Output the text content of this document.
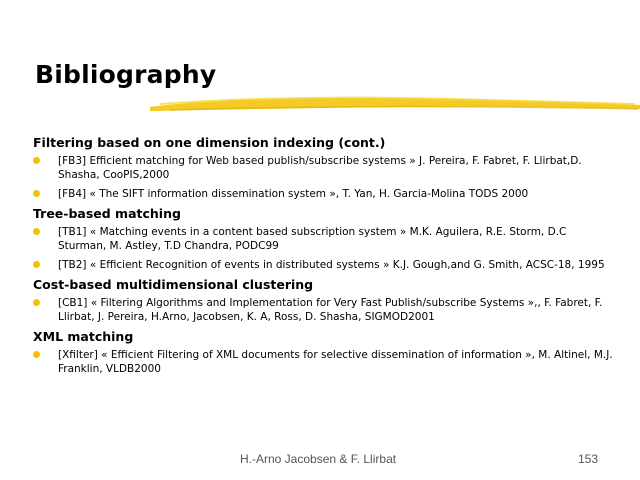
Bibliography
Filtering based on one dimension indexing (cont.)
[FB3] Efficient matching for Web based publish/subscribe systems » J. Pereira, F. Fabret, F. Llirbat,D. Shasha, CooPIS,2000
[FB4] « The SIFT information dissemination system », T. Yan, H. Garcia-Molina TODS 2000
Tree-based matching
[TB1] « Matching events in a content based subscription system » M.K. Aguilera, R.E. Storm, D.C Sturman, M. Astley, T.D Chandra, PODC99
[TB2] « Efficient Recognition of events in distributed systems » K.J. Gough,and G. Smith, ACSC-18, 1995
Cost-based multidimensional clustering
[CB1] « Filtering Algorithms and Implementation for Very Fast Publish/subscribe Systems »,, F. Fabret, F. Llirbat, J. Pereira, H.Arno, Jacobsen, K. A, Ross, D. Shasha, SIGMOD2001
XML matching
[Xfilter] « Efficient Filtering of XML documents for selective dissemination of information », M. Altinel, M.J. Franklin, VLDB2000
H.-Arno Jacobsen & F. Llirbat	153
